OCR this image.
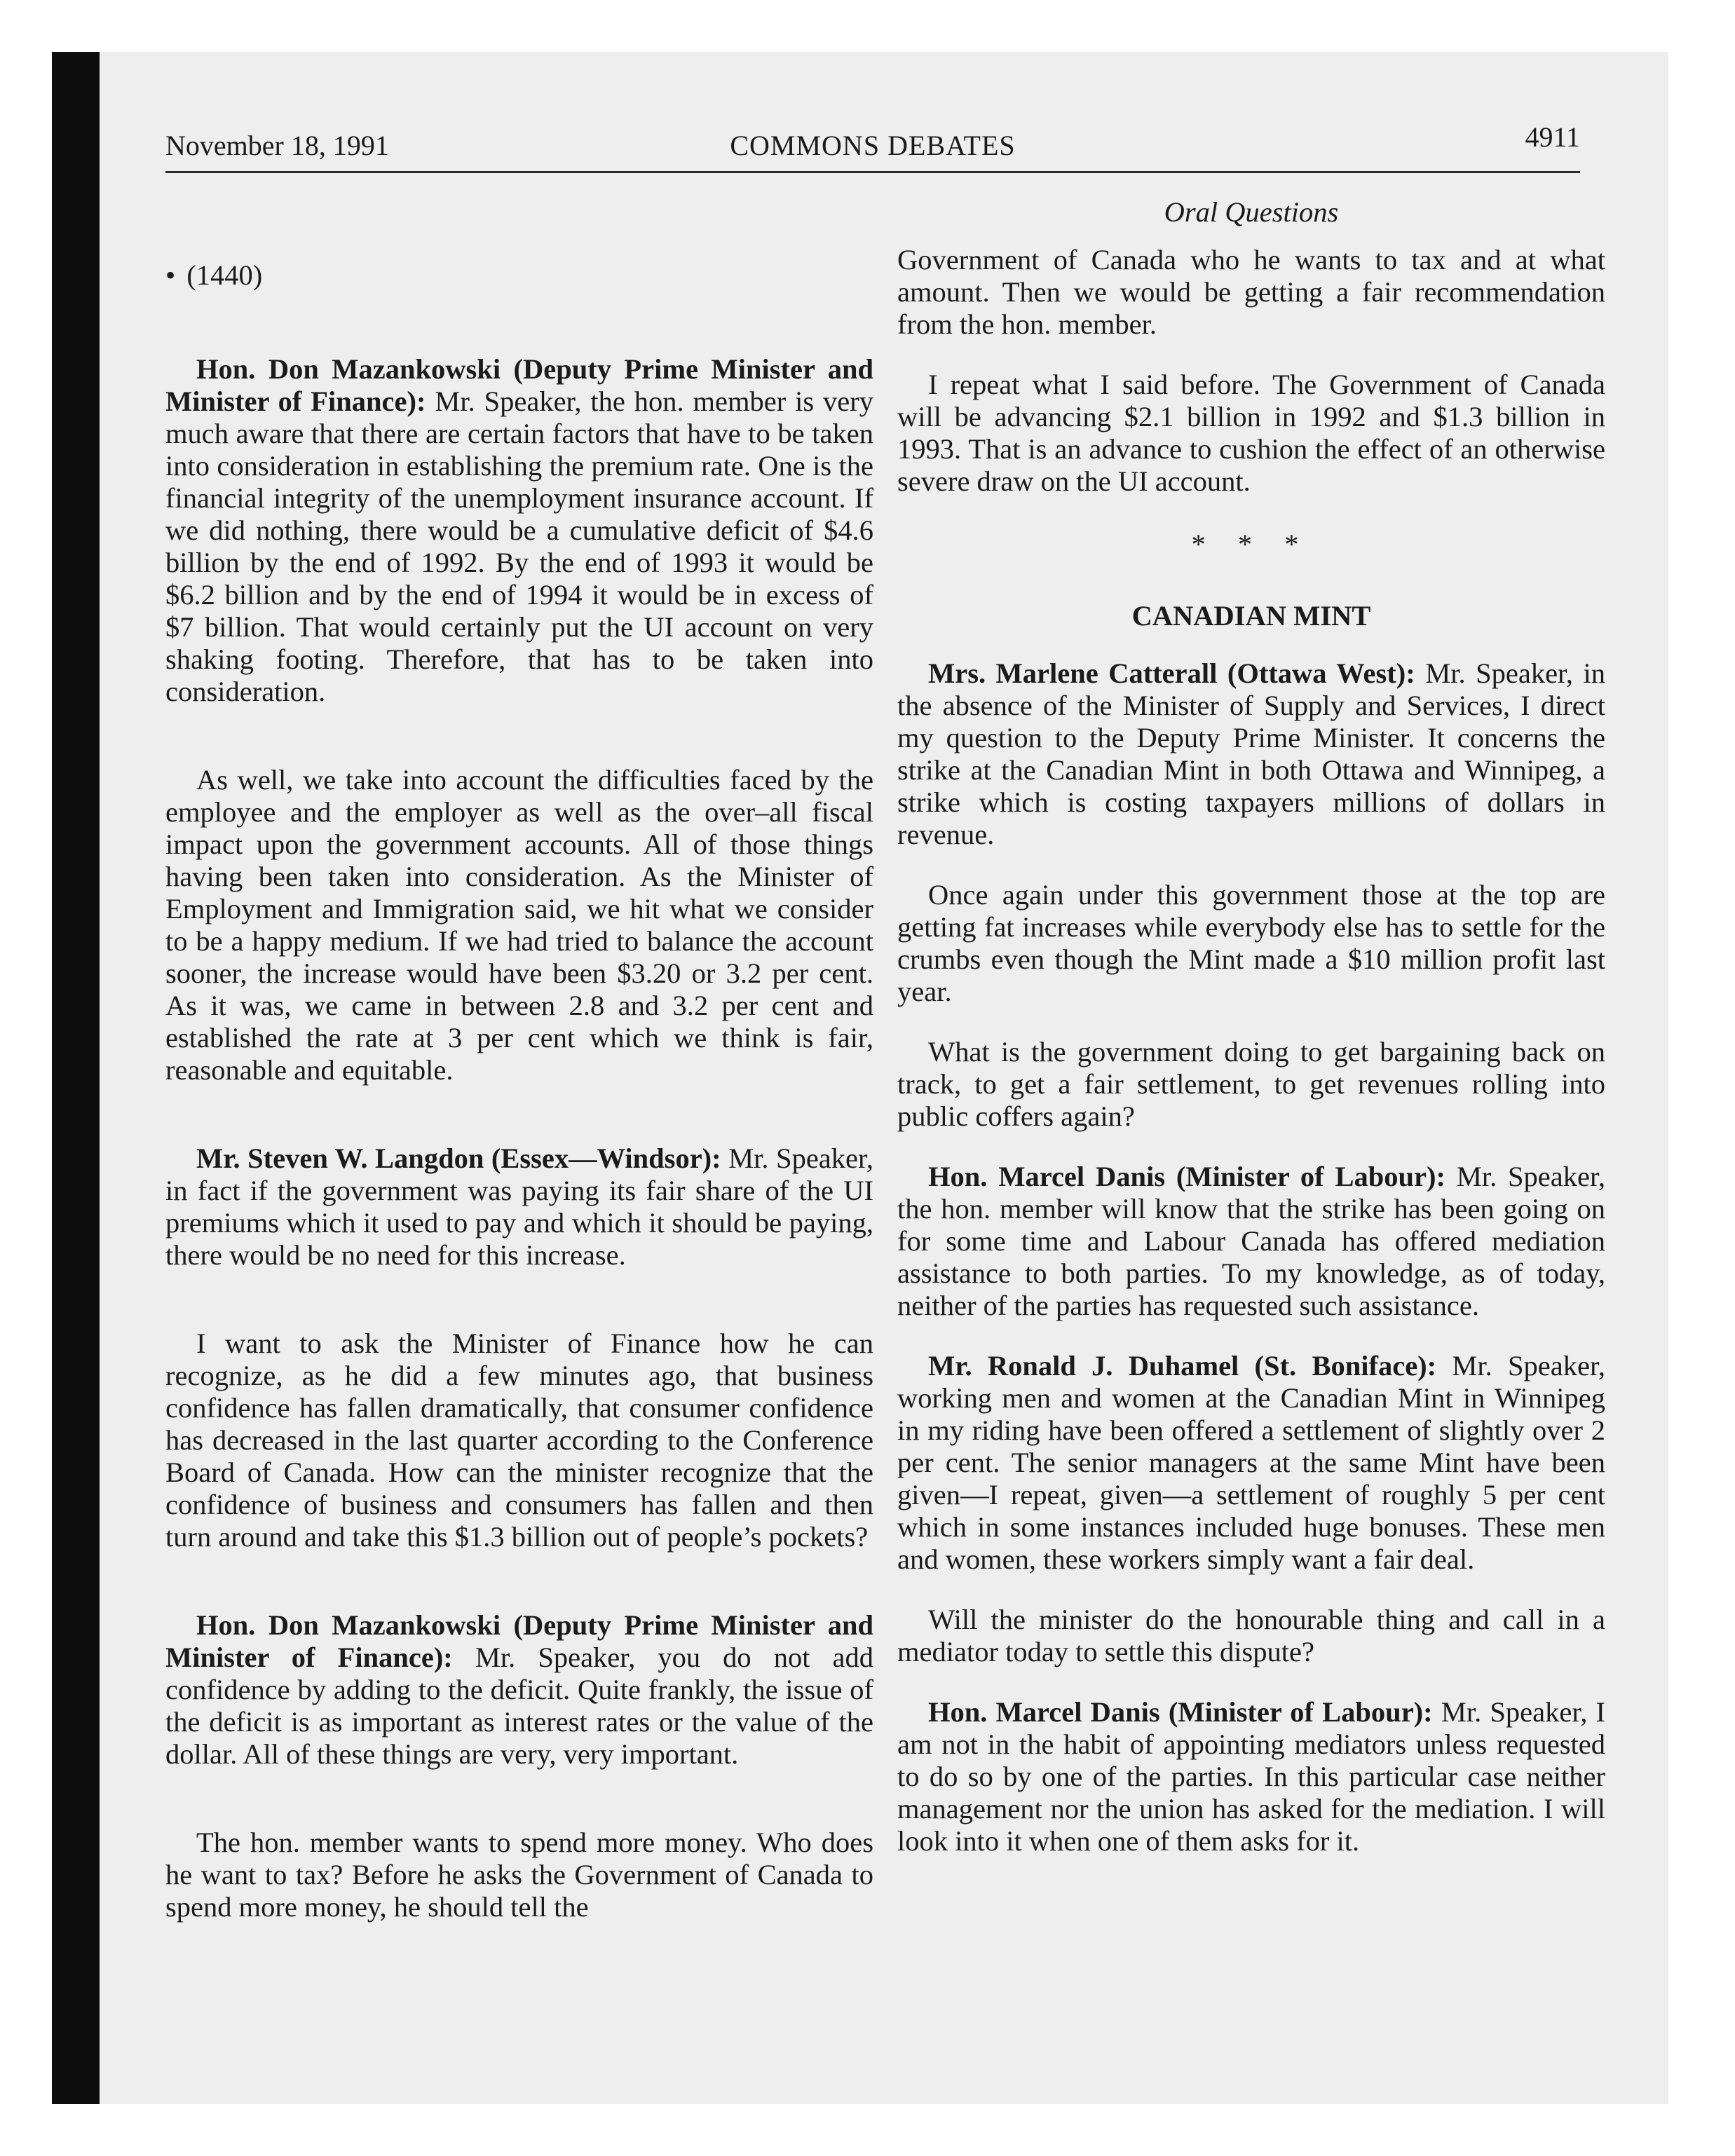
November 18, 1991	COMMONS DEBATES	4911
• (1440)

Hon. Don Mazankowski (Deputy Prime Minister and Minister of Finance): Mr. Speaker, the hon. member is very much aware that there are certain factors that have to be taken into consideration in establishing the premium rate. One is the financial integrity of the unemployment insurance account. If we did nothing, there would be a cumulative deficit of $4.6 billion by the end of 1992. By the end of 1993 it would be $6.2 billion and by the end of 1994 it would be in excess of $7 billion. That would certainly put the UI account on very shaking footing. Therefore, that has to be taken into consideration.

As well, we take into account the difficulties faced by the employee and the employer as well as the over–all fiscal impact upon the government accounts. All of those things having been taken into consideration. As the Minister of Employment and Immigration said, we hit what we consider to be a happy medium. If we had tried to balance the account sooner, the increase would have been $3.20 or 3.2 per cent. As it was, we came in between 2.8 and 3.2 per cent and established the rate at 3 per cent which we think is fair, reasonable and equitable.

Mr. Steven W. Langdon (Essex—Windsor): Mr. Speaker, in fact if the government was paying its fair share of the UI premiums which it used to pay and which it should be paying, there would be no need for this increase.

I want to ask the Minister of Finance how he can recognize, as he did a few minutes ago, that business confidence has fallen dramatically, that consumer confidence has decreased in the last quarter according to the Conference Board of Canada. How can the minister recognize that the confidence of business and consumers has fallen and then turn around and take this $1.3 billion out of people’s pockets?

Hon. Don Mazankowski (Deputy Prime Minister and Minister of Finance): Mr. Speaker, you do not add confidence by adding to the deficit. Quite frankly, the issue of the deficit is as important as interest rates or the value of the dollar. All of these things are very, very important.

The hon. member wants to spend more money. Who does he want to tax? Before he asks the Government of Canada to spend more money, he should tell the

Oral Questions

Government of Canada who he wants to tax and at what amount. Then we would be getting a fair recommendation from the hon. member.

I repeat what I said before. The Government of Canada will be advancing $2.1 billion in 1992 and $1.3 billion in 1993. That is an advance to cushion the effect of an otherwise severe draw on the UI account.

* * *
CANADIAN MINT

Mrs. Marlene Catterall (Ottawa West): Mr. Speaker, in the absence of the Minister of Supply and Services, I direct my question to the Deputy Prime Minister. It concerns the strike at the Canadian Mint in both Ottawa and Winnipeg, a strike which is costing taxpayers millions of dollars in revenue.

Once again under this government those at the top are getting fat increases while everybody else has to settle for the crumbs even though the Mint made a $10 million profit last year.

What is the government doing to get bargaining back on track, to get a fair settlement, to get revenues rolling into public coffers again?

Hon. Marcel Danis (Minister of Labour): Mr. Speaker, the hon. member will know that the strike has been going on for some time and Labour Canada has offered mediation assistance to both parties. To my knowledge, as of today, neither of the parties has requested such assistance.

Mr. Ronald J. Duhamel (St. Boniface): Mr. Speaker, working men and women at the Canadian Mint in Winnipeg in my riding have been offered a settlement of slightly over 2 per cent. The senior managers at the same Mint have been given—I repeat, given—a settlement of roughly 5 per cent which in some instances included huge bonuses. These men and women, these workers simply want a fair deal.

Will the minister do the honourable thing and call in a mediator today to settle this dispute?

Hon. Marcel Danis (Minister of Labour): Mr. Speaker, I am not in the habit of appointing mediators unless requested to do so by one of the parties. In this particular case neither management nor the union has asked for the mediation. I will look into it when one of them asks for it.
